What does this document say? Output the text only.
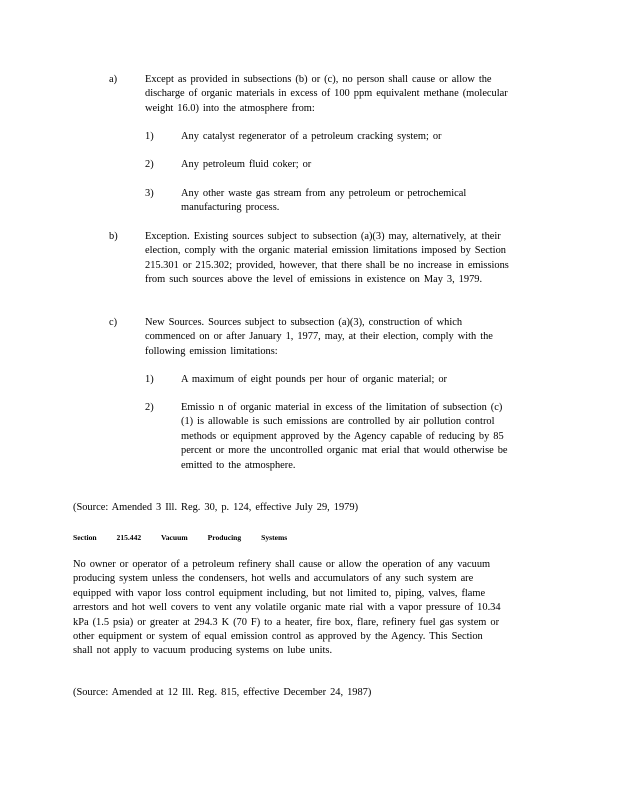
a)	Except as provided in subsections (b) or (c), no person shall cause or allow the discharge of organic materials in excess of 100 ppm equivalent methane (molecular weight 16.0) into the atmosphere from:

1)	Any catalyst regenerator of a petroleum cracking system; or

2)	Any petroleum fluid coker; or

3)	Any other waste gas stream from any petroleum or petrochemical manufacturing process.

b)	Exception. Existing sources subject to subsection (a)(3) may, alternatively, at their election, comply with the organic material emission limitations imposed by Section 215.301 or 215.302; provided, however, that there shall be no increase in emissions from such sources above the level of emissions in existence on May 3, 1979.

c)	New Sources. Sources subject to subsection (a)(3), construction of which commenced on or after January 1, 1977, may, at their election, comply with the following emission limitations:

1)	A maximum of eight pounds per hour of organic material; or

2)	Emissio n of organic material in excess of the limitation of subsection (c)(1) is allowable is such emissions are controlled by air pollution control methods or equipment approved by the Agency capable of reducing by 85 percent or more the uncontrolled organic mat erial that would otherwise be emitted to the atmosphere.

(Source: Amended 3 Ill. Reg. 30, p. 124, effective July 29, 1979)

Section 215.442 Vacuum Producing Systems

No owner or operator of a petroleum refinery shall cause or allow the operation of any vacuum producing system unless the condensers, hot wells and accumulators of any such system are equipped with vapor loss control equipment including, but not limited to, piping, valves, flame arrestors and hot well covers to vent any volatile organic mate rial with a vapor pressure of 10.34 kPa (1.5 psia) or greater at 294.3 K (70 F) to a heater, fire box, flare, refinery fuel gas system or other equipment or system of equal emission control as approved by the Agency. This Section shall not apply to vacuum producing systems on lube units.

(Source: Amended at 12 Ill. Reg. 815, effective December 24, 1987)
